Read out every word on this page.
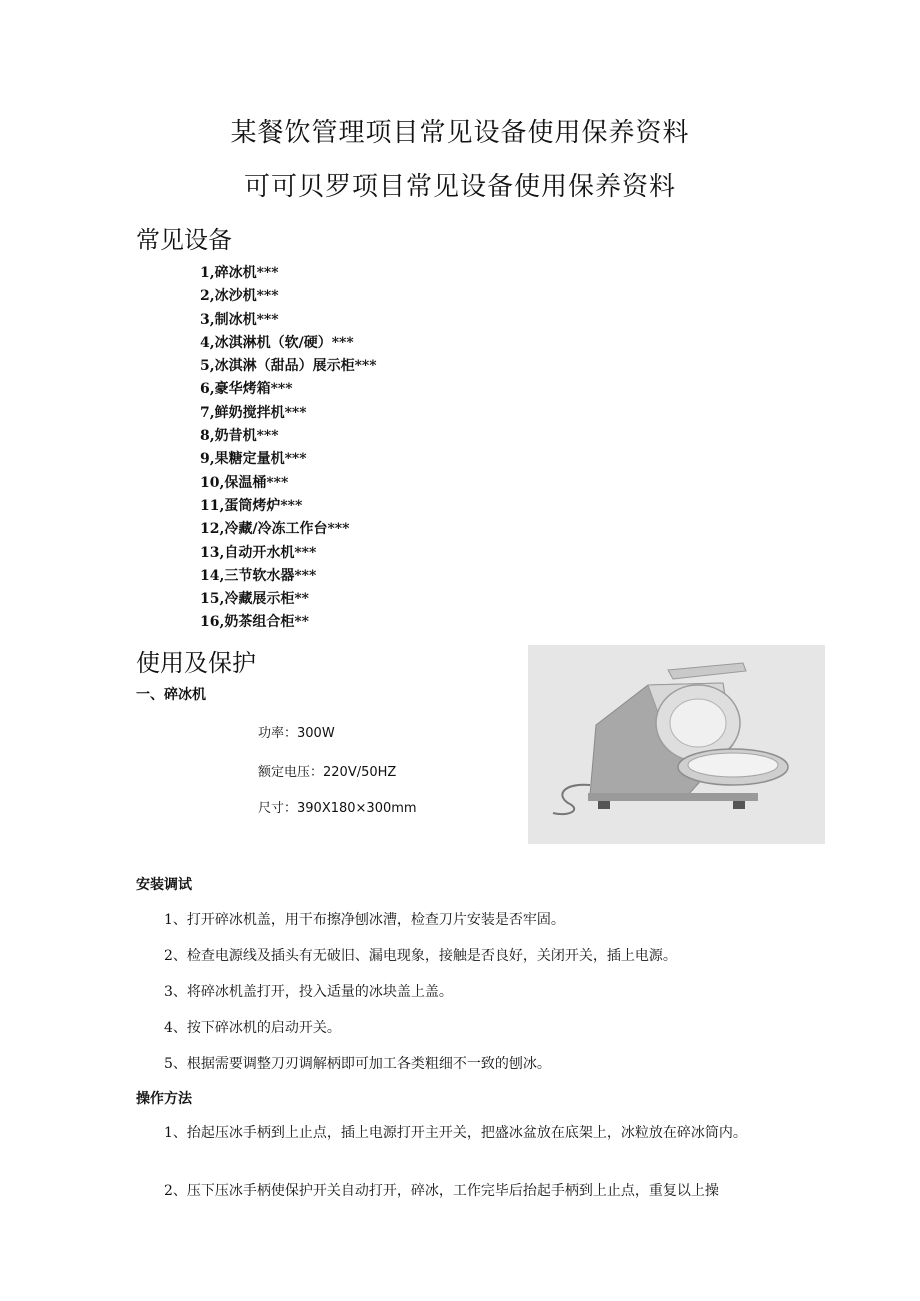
某餐饮管理项目常见设备使用保养资料
可可贝罗项目常见设备使用保养资料
常见设备
1,碎冰机***
2,冰沙机***
3,制冰机***
4,冰淇淋机（软/硬）***
5,冰淇淋（甜品）展示柜***
6,豪华烤箱***
7,鲜奶搅拌机***
8,奶昔机***
9,果糖定量机***
10,保温桶***
11,蛋筒烤炉***
12,冷藏/冷冻工作台***
13,自动开水机***
14,三节软水器***
15,冷藏展示柜**
16,奶茶组合柜**
使用及保护
一、碎冰机
功率：300W
额定电压：220V/50HZ
尺寸：390X180×300mm
安装调试
1、打开碎冰机盖，用干布擦净刨冰漕，检查刀片安装是否牢固。
2、检查电源线及插头有无破旧、漏电现象，接触是否良好，关闭开关，插上电源。
3、将碎冰机盖打开，投入适量的冰块盖上盖。
4、按下碎冰机的启动开关。
5、根据需要调整刀刃调解柄即可加工各类粗细不一致的刨冰。
操作方法
1、抬起压冰手柄到上止点，插上电源打开主开关，把盛冰盆放在底架上，冰粒放在碎冰筒内。
2、压下压冰手柄使保护开关自动打开，碎冰，工作完毕后抬起手柄到上止点，重复以上操
